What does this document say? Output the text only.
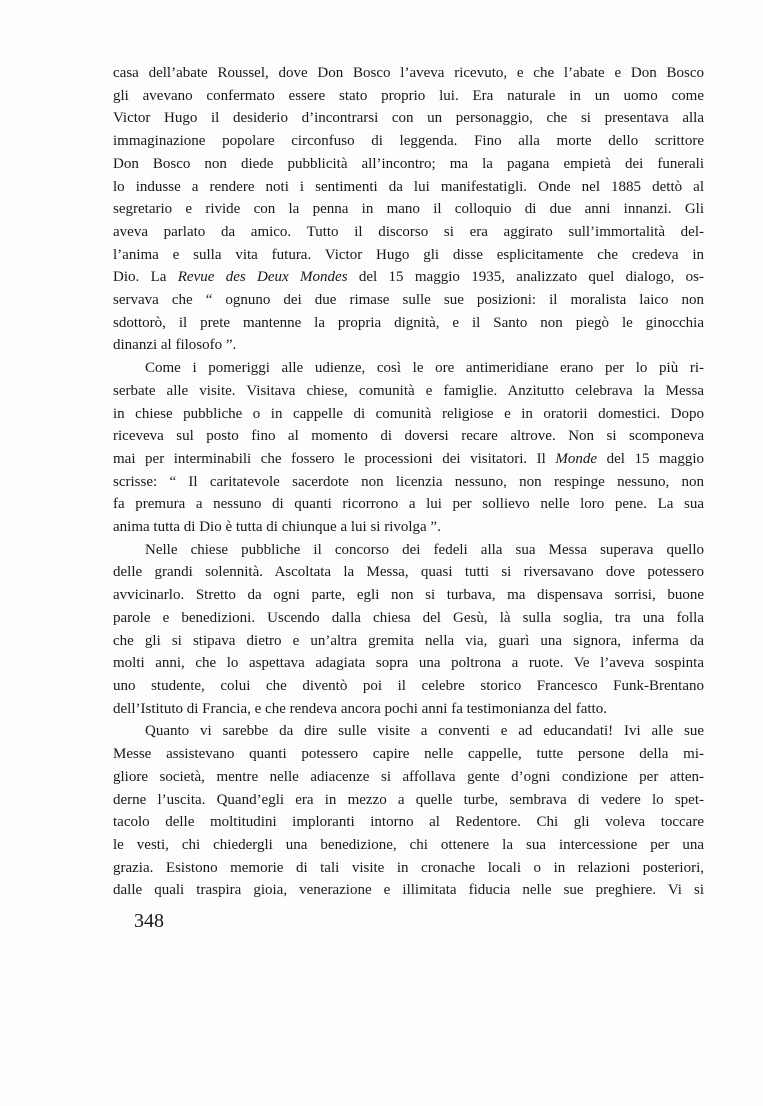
casa dell’abate Roussel, dove Don Bosco l’aveva ricevuto, e che l’abate e Don Bosco
gli avevano confermato essere stato proprio lui. Era naturale in un uomo come
Victor Hugo il desiderio d’incontrarsi con un personaggio, che si presentava alla
immaginazione popolare circonfuso di leggenda. Fino alla morte dello scrittore
Don Bosco non diede pubblicità all’incontro; ma la pagana empietà dei funerali
lo indusse a rendere noti i sentimenti da lui manifestatigli. Onde nel 1885 dettò al
segretario e rivide con la penna in mano il colloquio di due anni innanzi. Gli
aveva parlato da amico. Tutto il discorso si era aggirato sull’immortalità del-
l’anima e sulla vita futura. Victor Hugo gli disse esplicitamente che credeva in
Dio. La Revue des Deux Mondes del 15 maggio 1935, analizzato quel dialogo, os-
servava che “ ognuno dei due rimase sulle sue posizioni: il moralista laico non
sdottorò, il prete mantenne la propria dignità, e il Santo non piegò le ginocchia
dinanzi al filosofo ”.
Come i pomeriggi alle udienze, così le ore antimeridiane erano per lo più ri-
serbate alle visite. Visitava chiese, comunità e famiglie. Anzitutto celebrava la Messa
in chiese pubbliche o in cappelle di comunità religiose e in oratorii domestici. Dopo
riceveva sul posto fino al momento di doversi recare altrove. Non si scomponeva
mai per interminabili che fossero le processioni dei visitatori. Il Monde del 15 maggio
scrisse: “ Il caritatevole sacerdote non licenzia nessuno, non respinge nessuno, non
fa premura a nessuno di quanti ricorrono a lui per sollievo nelle loro pene. La sua
anima tutta di Dio è tutta di chiunque a lui si rivolga ”.
Nelle chiese pubbliche il concorso dei fedeli alla sua Messa superava quello
delle grandi solennità. Ascoltata la Messa, quasi tutti si riversavano dove potessero
avvicinarlo. Stretto da ogni parte, egli non si turbava, ma dispensava sorrisi, buone
parole e benedizioni. Uscendo dalla chiesa del Gesù, là sulla soglia, tra una folla
che gli si stipava dietro e un’altra gremita nella via, guarì una signora, inferma da
molti anni, che lo aspettava adagiata sopra una poltrona a ruote. Ve l’aveva sospinta
uno studente, colui che diventò poi il celebre storico Francesco Funk-Brentano
dell’Istituto di Francia, e che rendeva ancora pochi anni fa testimonianza del fatto.
Quanto vi sarebbe da dire sulle visite a conventi e ad educandati! Ivi alle sue
Messe assistevano quanti potessero capire nelle cappelle, tutte persone della mi-
gliore società, mentre nelle adiacenze si affollava gente d’ogni condizione per atten-
derne l’uscita. Quand’egli era in mezzo a quelle turbe, sembrava di vedere lo spet-
tacolo delle moltitudini imploranti intorno al Redentore. Chi gli voleva toccare
le vesti, chi chiedergli una benedizione, chi ottenere la sua intercessione per una
grazia. Esistono memorie di tali visite in cronache locali o in relazioni posteriori,
dalle quali traspira gioia, venerazione e illimitata fiducia nelle sue preghiere. Vi si
348
